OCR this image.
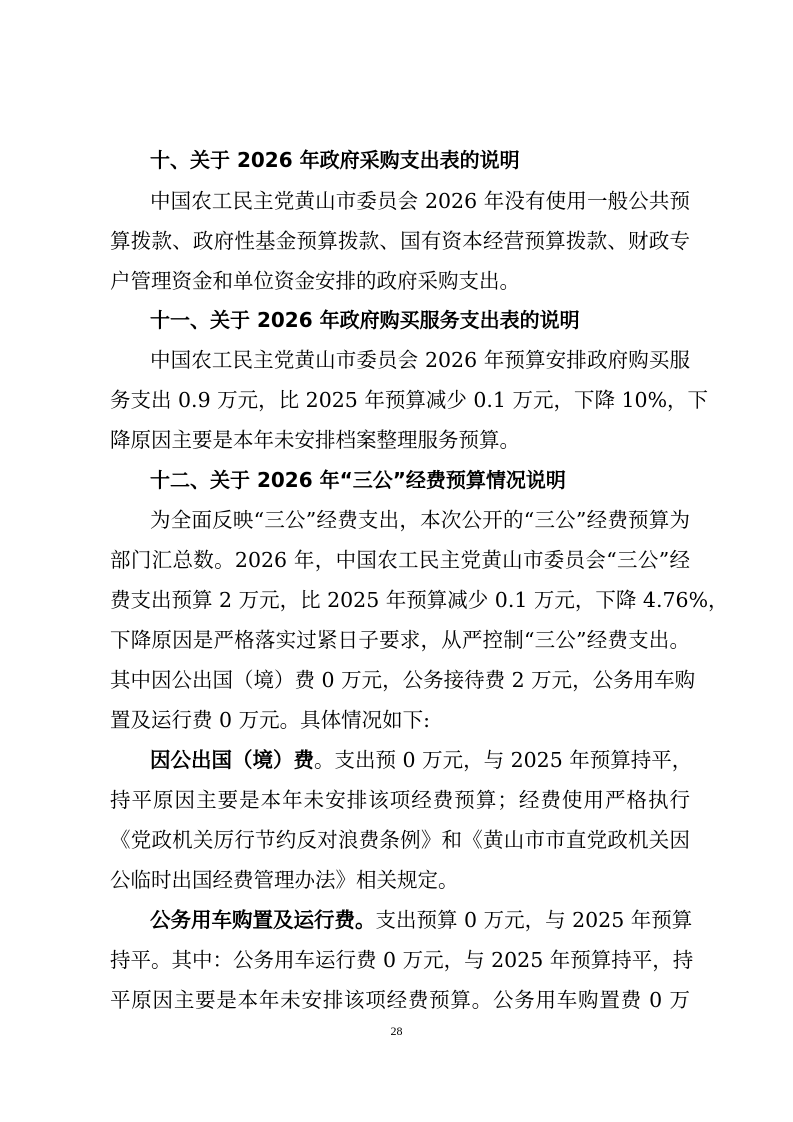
十、关于 2026 年政府采购支出表的说明
中国农工民主党黄山市委员会 2026 年没有使用一般公共预
算拨款、政府性基金预算拨款、国有资本经营预算拨款、财政专
户管理资金和单位资金安排的政府采购支出。
十一、关于 2026 年政府购买服务支出表的说明
中国农工民主党黄山市委员会 2026 年预算安排政府购买服
务支出 0.9 万元，比 2025 年预算减少 0.1 万元，下降 10%，下
降原因主要是本年未安排档案整理服务预算。
十二、关于 2026 年“三公”经费预算情况说明
为全面反映“三公”经费支出，本次公开的“三公”经费预算为
部门汇总数。2026 年，中国农工民主党黄山市委员会“三公”经
费支出预算 2 万元，比 2025 年预算减少 0.1 万元，下降 4.76%，
下降原因是严格落实过紧日子要求，从严控制“三公”经费支出。
其中因公出国（境）费 0 万元，公务接待费 2 万元，公务用车购
置及运行费 0 万元。具体情况如下:
因公出国（境）费。支出预 0 万元，与 2025 年预算持平，
持平原因主要是本年未安排该项经费预算；经费使用严格执行
《党政机关厉行节约反对浪费条例》和《黄山市市直党政机关因
公临时出国经费管理办法》相关规定。
公务用车购置及运行费。支出预算 0 万元，与 2025 年预算
持平。其中：公务用车运行费 0 万元，与 2025 年预算持平，持
平原因主要是本年未安排该项经费预算。公务用车购置费 0 万
28
